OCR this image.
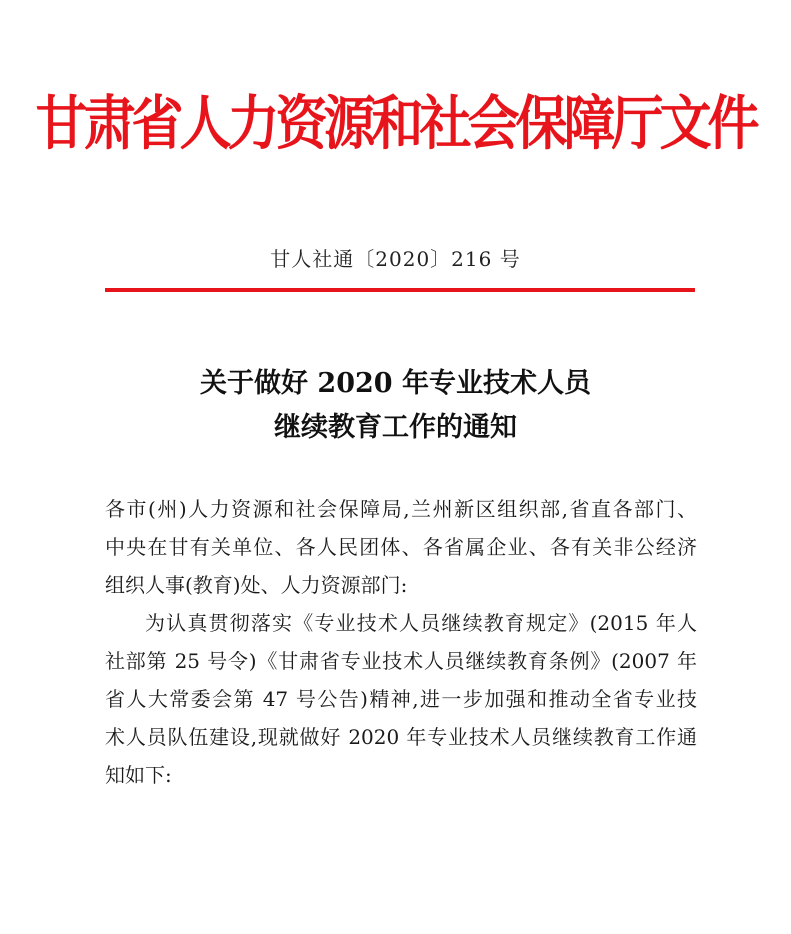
甘肃省人力资源和社会保障厅文件
甘人社通〔2020〕216 号
关于做好 2020 年专业技术人员
继续教育工作的通知
各市(州)人力资源和社会保障局,兰州新区组织部,省直各部门、
中央在甘有关单位、各人民团体、各省属企业、各有关非公经济
组织人事(教育)处、人力资源部门:
为认真贯彻落实《专业技术人员继续教育规定》(2015 年人
社部第 25 号令)《甘肃省专业技术人员继续教育条例》(2007 年
省人大常委会第 47 号公告)精神,进一步加强和推动全省专业技
术人员队伍建设,现就做好 2020 年专业技术人员继续教育工作通
知如下:
